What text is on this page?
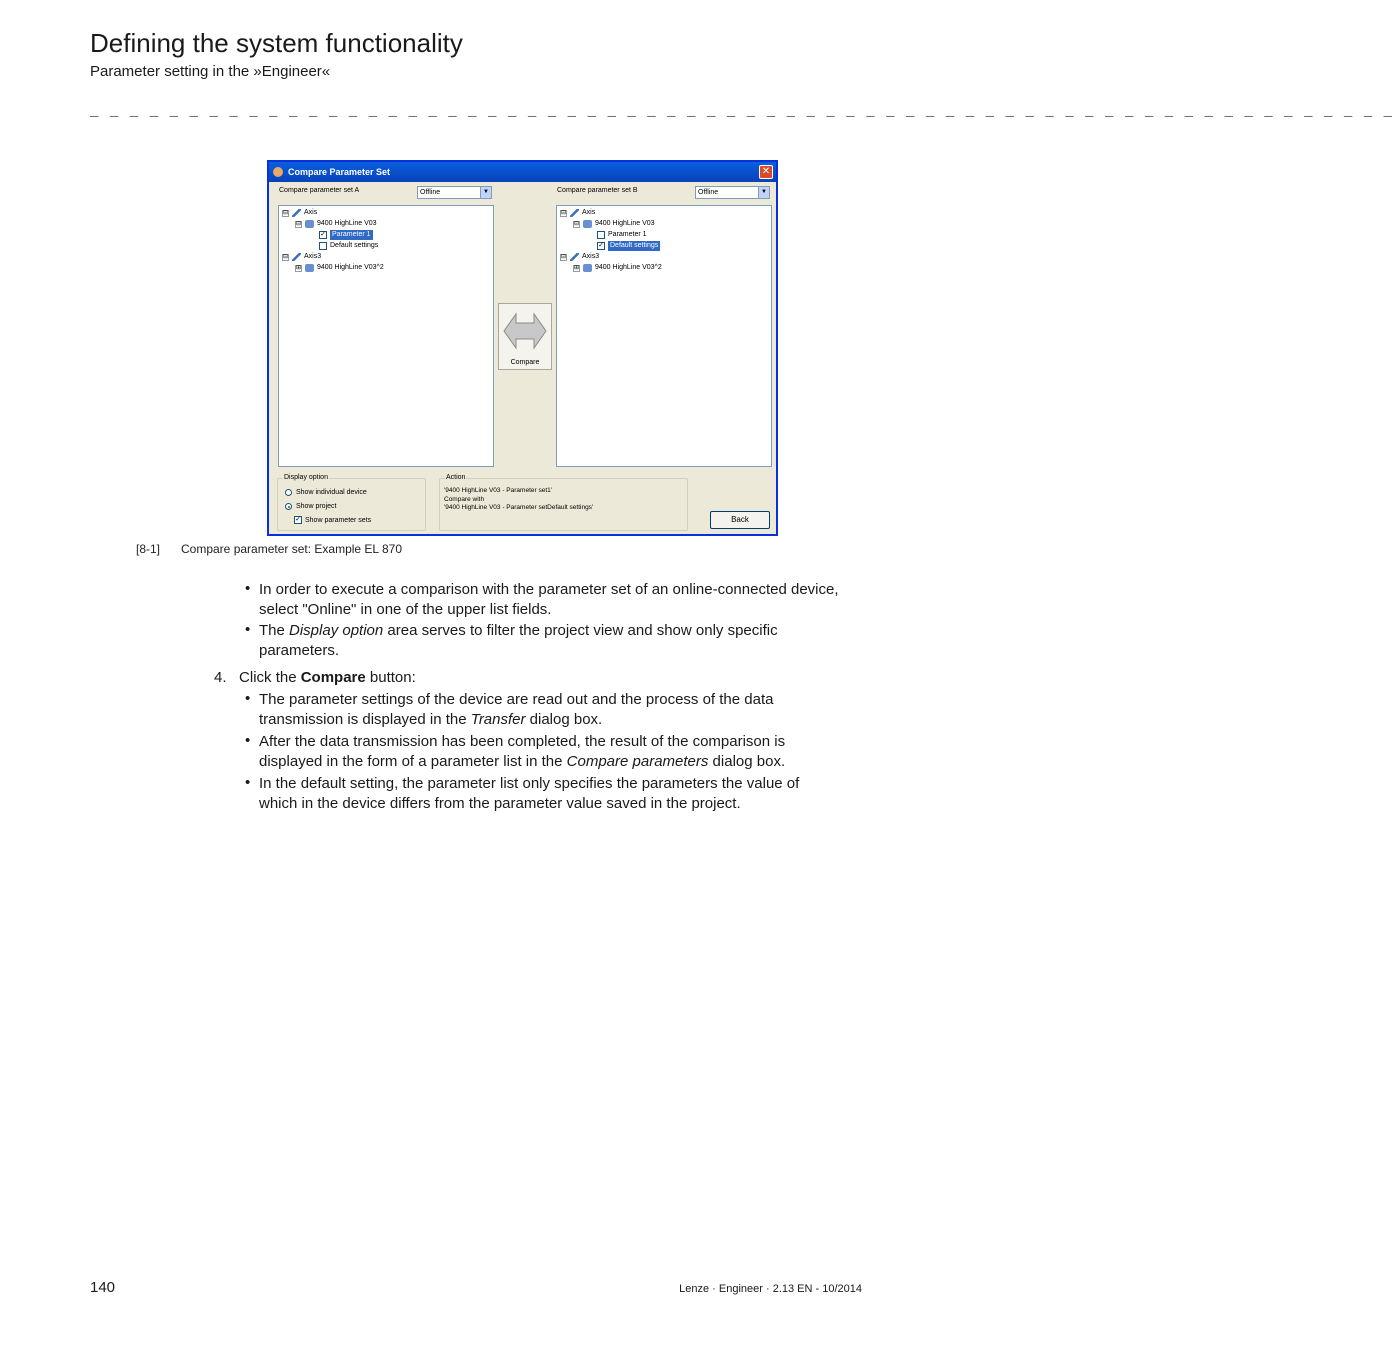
Defining the system functionality
Parameter setting in the »Engineer«
_ _ _ _ _ _ _ _ _ _ _ _ _ _ _ _ _ _ _ _ _ _ _ _ _ _ _ _ _ _ _ _ _ _ _ _ _ _ _ _ _ _ _ _ _ _ _ _ _ _ _ _ _ _ _ _ _ _ _ _ _ _ _ _ _ _
Compare Parameter Set	✕
Compare parameter set A	Offline	▼	Compare parameter set B	Offline	▼
⊟ Axis
⊟ 9400 HighLine V03
✓ Parameter 1
Default settings
⊟ Axis3
⊞ 9400 HighLine V03^2
Compare
⊟ Axis
⊟ 9400 HighLine V03
Parameter 1
✓ Default settings
⊟ Axis3
⊞ 9400 HighLine V03^2
Display option
Show individual device
Show project
✓ Show parameter sets
Action
'9400 HighLine V03 - Parameter set1'
Compare with
'9400 HighLine V03 - Parameter setDefault settings'
Back
[8-1] Compare parameter set: Example EL 870
• In order to execute a comparison with the parameter set of an online-connected device, select "Online" in one of the upper list fields.
• The Display option area serves to filter the project view and show only specific parameters.
4. Click the Compare button:
• The parameter settings of the device are read out and the process of the data transmission is displayed in the Transfer dialog box.
• After the data transmission has been completed, the result of the comparison is displayed in the form of a parameter list in the Compare parameters dialog box.
• In the default setting, the parameter list only specifies the parameters the value of which in the device differs from the parameter value saved in the project.
140	Lenze · Engineer · 2.13 EN - 10/2014
